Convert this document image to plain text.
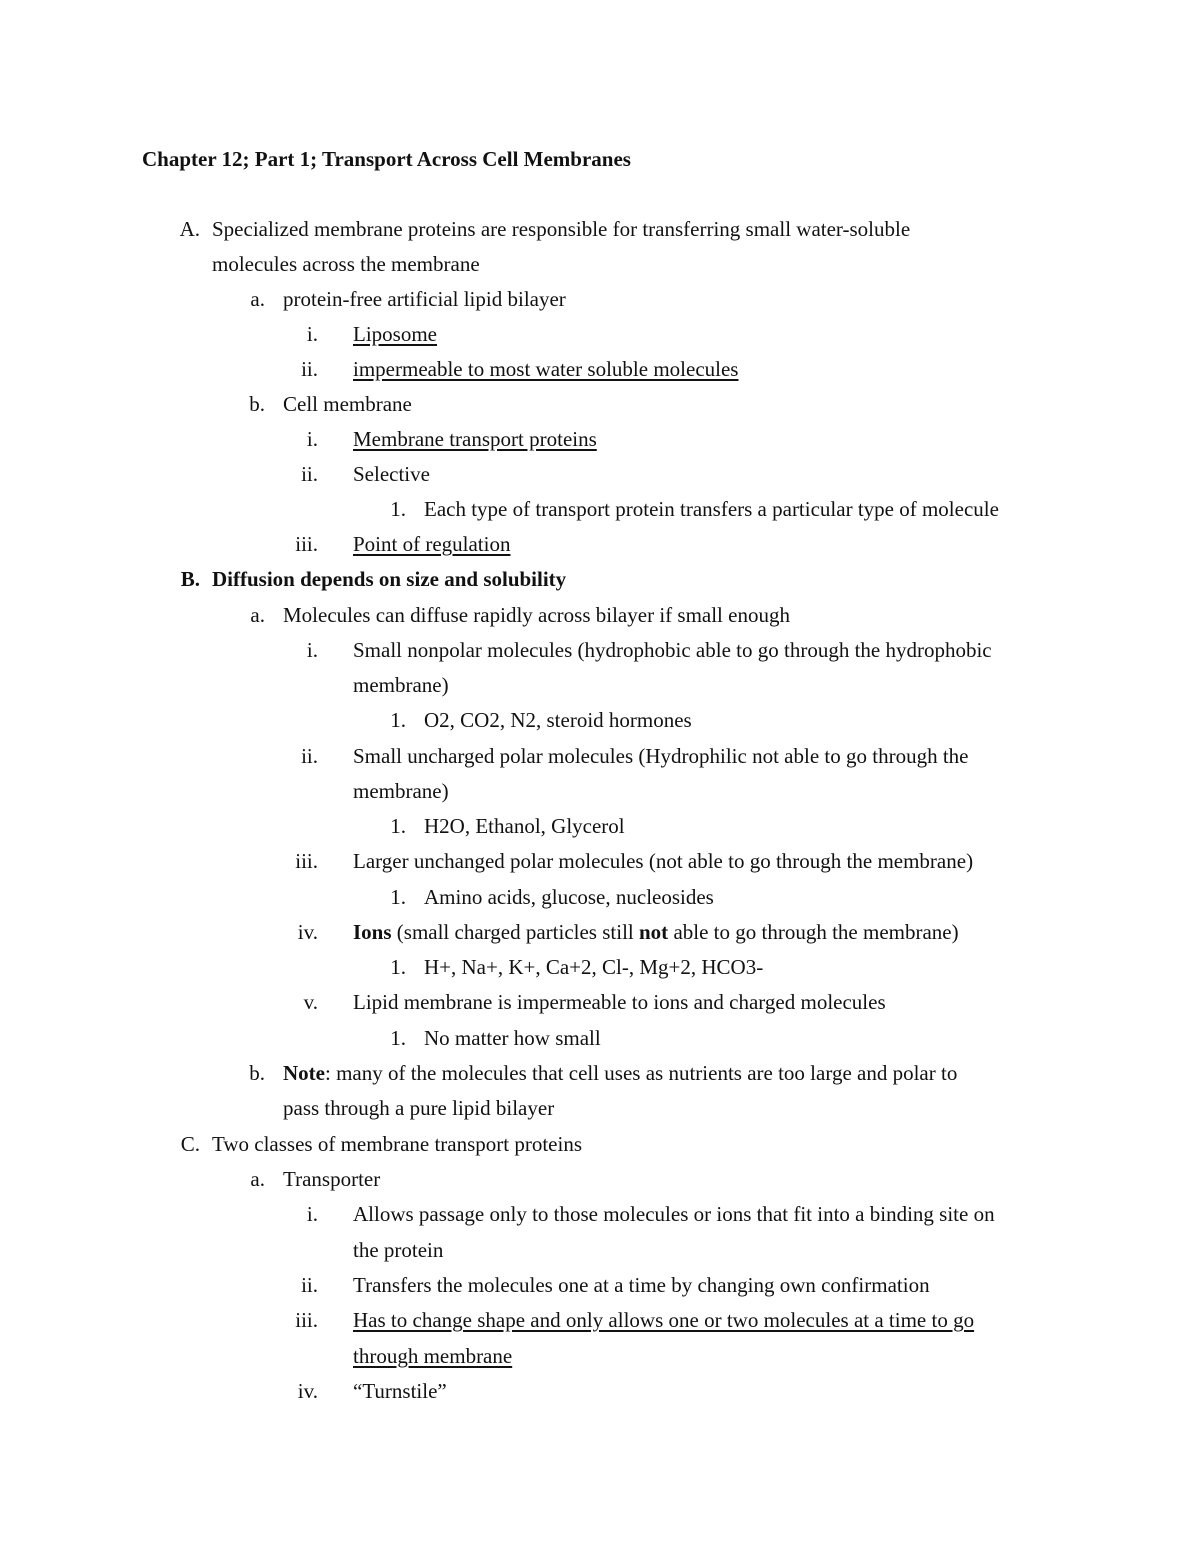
Chapter 12; Part 1; Transport Across Cell Membranes
A. Specialized membrane proteins are responsible for transferring small water-soluble
molecules across the membrane
a. protein-free artificial lipid bilayer
i. Liposome
ii. impermeable to most water soluble molecules
b. Cell membrane
i. Membrane transport proteins
ii. Selective
1. Each type of transport protein transfers a particular type of molecule
iii. Point of regulation
B. Diffusion depends on size and solubility
a. Molecules can diffuse rapidly across bilayer if small enough
i. Small nonpolar molecules (hydrophobic able to go through the hydrophobic
membrane)
1. O2, CO2, N2, steroid hormones
ii. Small uncharged polar molecules (Hydrophilic not able to go through the
membrane)
1. H2O, Ethanol, Glycerol
iii. Larger unchanged polar molecules (not able to go through the membrane)
1. Amino acids, glucose, nucleosides
iv. Ions (small charged particles still not able to go through the membrane)
1. H+, Na+, K+, Ca+2, Cl-, Mg+2, HCO3-
v. Lipid membrane is impermeable to ions and charged molecules
1. No matter how small
b. Note: many of the molecules that cell uses as nutrients are too large and polar to
pass through a pure lipid bilayer
C. Two classes of membrane transport proteins
a. Transporter
i. Allows passage only to those molecules or ions that fit into a binding site on
the protein
ii. Transfers the molecules one at a time by changing own confirmation
iii. Has to change shape and only allows one or two molecules at a time to go
through membrane
iv. “Turnstile”
